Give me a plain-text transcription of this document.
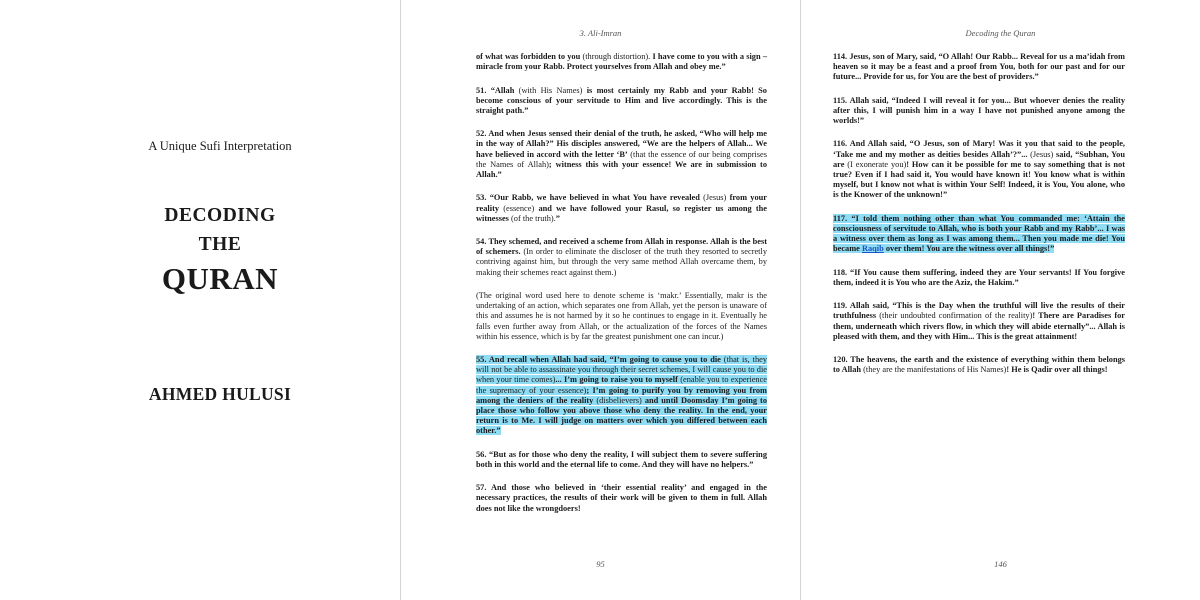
A Unique Sufi Interpretation
DECODING
THE
QURAN
AHMED HULUSI
3. Ali-Imran

of what was forbidden to you (through distortion). I have come to you with a sign – miracle from your Rabb. Protect yourselves from Allah and obey me.”

51. “Allah (with His Names) is most certainly my Rabb and your Rabb! So become conscious of your servitude to Him and live accordingly. This is the straight path.”

52. And when Jesus sensed their denial of the truth, he asked, “Who will help me in the way of Allah?” His disciples answered, “We are the helpers of Allah... We have believed in accord with the letter ‘B’ (that the essence of our being comprises the Names of Allah); witness this with your essence! We are in submission to Allah.”

53. “Our Rabb, we have believed in what You have revealed (Jesus) from your reality (essence) and we have followed your Rasul, so register us among the witnesses (of the truth).”

54. They schemed, and received a scheme from Allah in response. Allah is the best of schemers. (In order to eliminate the discloser of the truth they resorted to secretly contriving against him, but through the very same method Allah overcame them, by making their schemes react against them.)

(The original word used here to denote scheme is ‘makr.’ Essentially, makr is the undertaking of an action, which separates one from Allah, yet the person is unaware of this and assumes he is not harmed by it so he continues to engage in it. Eventually he falls even further away from Allah, or the actualization of the forces of the Names within his essence, which is by far the greatest punishment one can incur.)

55. And recall when Allah had said, “I’m going to cause you to die (that is, they will not be able to assassinate you through their secret schemes, I will cause you to die when your time comes)... I’m going to raise you to myself (enable you to experience the supremacy of your essence); I’m going to purify you by removing you from among the deniers of the reality (disbelievers) and until Doomsday I’m going to place those who follow you above those who deny the reality. In the end, your return is to Me. I will judge on matters over which you differed between each other.”

56. “But as for those who deny the reality, I will subject them to severe suffering both in this world and the eternal life to come. And they will have no helpers.”

57. And those who believed in ‘their essential reality’ and engaged in the necessary practices, the results of their work will be given to them in full. Allah does not like the wrongdoers!

95
Decoding the Quran

114. Jesus, son of Mary, said, “O Allah! Our Rabb... Reveal for us a ma’idah from heaven so it may be a feast and a proof from You, both for our past and for our future... Provide for us, for You are the best of providers.”

115. Allah said, “Indeed I will reveal it for you... But whoever denies the reality after this, I will punish him in a way I have not punished anyone among the worlds!”

116. And Allah said, “O Jesus, son of Mary! Was it you that said to the people, ‘Take me and my mother as deities besides Allah’?”... (Jesus) said, “Subhan, You are (I exonerate you)! How can it be possible for me to say something that is not true? Even if I had said it, You would have known it! You know what is within myself, but I know not what is within Your Self! Indeed, it is You, You alone, who is the Knower of the unknown!”

117. “I told them nothing other than what You commanded me: ‘Attain the consciousness of servitude to Allah, who is both your Rabb and my Rabb’... I was a witness over them as long as I was among them... Then you made me die! You became Raqib over them! You are the witness over all things!”

118. “If You cause them suffering, indeed they are Your servants! If You forgive them, indeed it is You who are the Aziz, the Hakim.”

119. Allah said, “This is the Day when the truthful will live the results of their truthfulness (their undoubted confirmation of the reality)! There are Paradises for them, underneath which rivers flow, in which they will abide eternally”... Allah is pleased with them, and they with Him... This is the great attainment!

120. The heavens, the earth and the existence of everything within them belongs to Allah (they are the manifestations of His Names)! He is Qadir over all things!

146
